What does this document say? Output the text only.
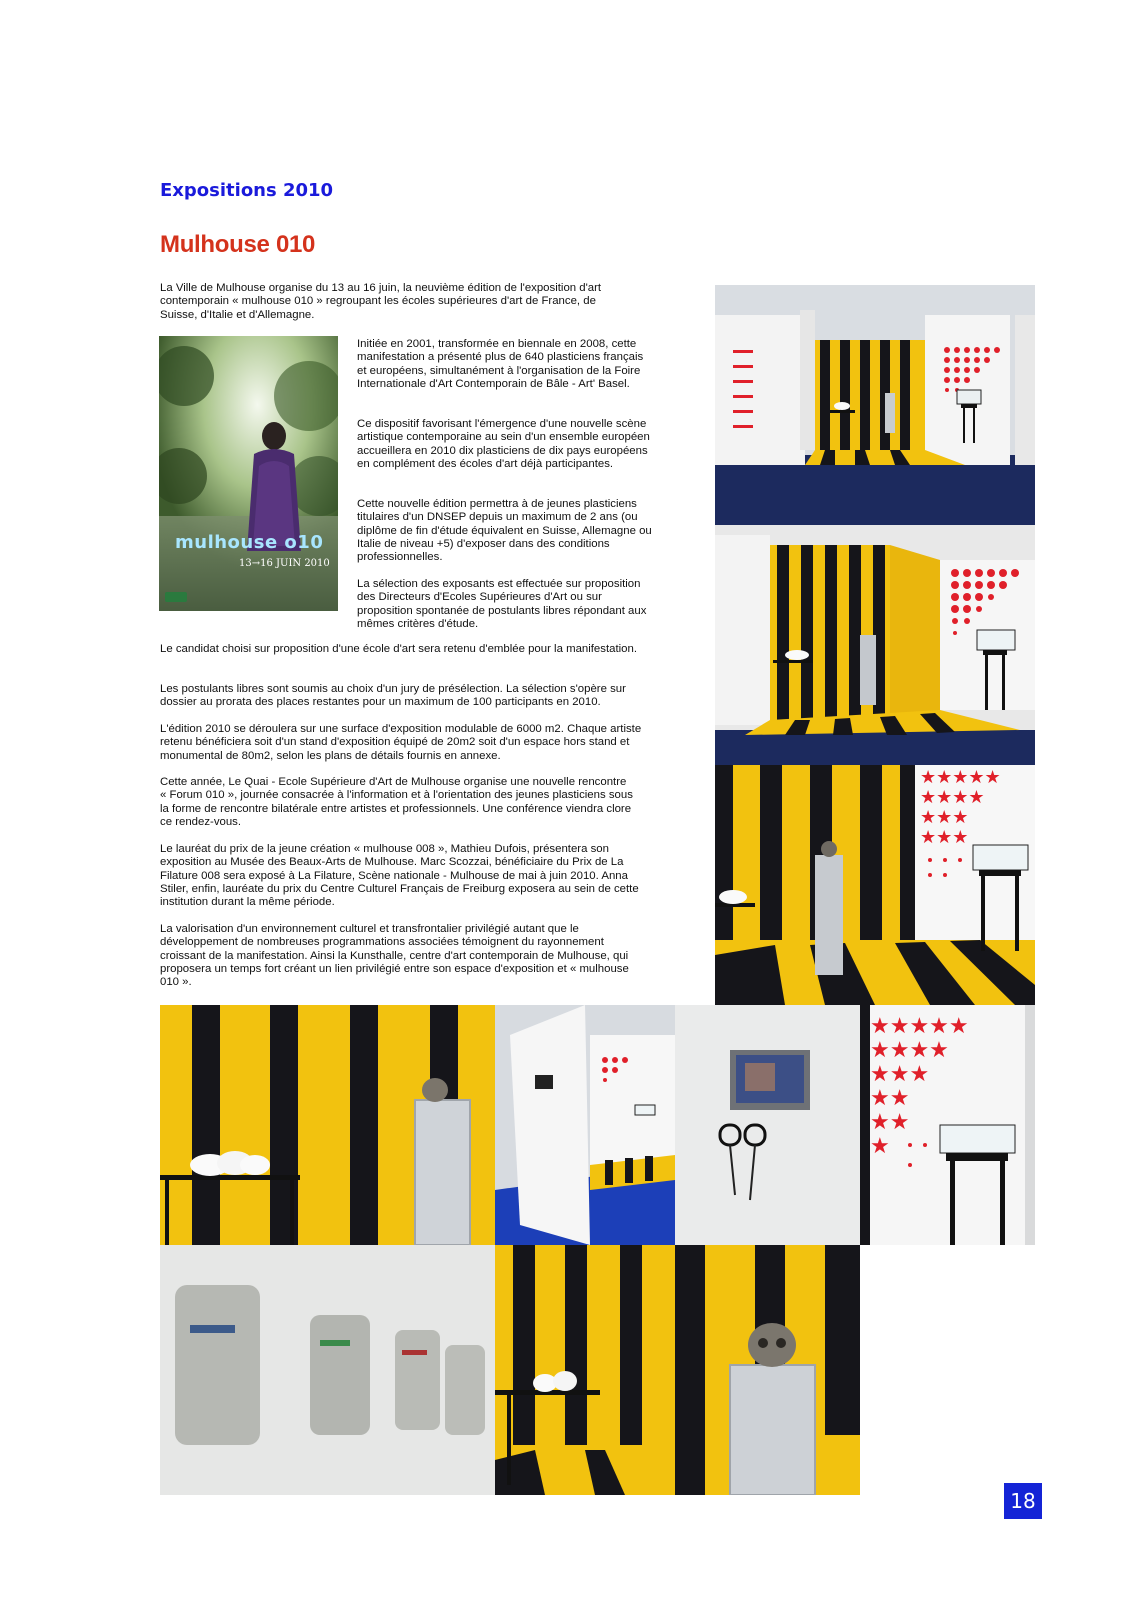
Expositions 2010
Mulhouse 010

La Ville de Mulhouse organise du 13 au 16 juin, la neuvième édition de l'exposition d'art contemporain « mulhouse 010 » regroupant les écoles supérieures d'art de France, de Suisse, d'Italie et d'Allemagne.

mulhouse o10
13→16 JUIN 2010

Initiée en 2001, transformée en biennale en 2008, cette manifestation a présenté plus de 640 plasticiens français et européens, simultanément à l'organisation de la Foire Internationale d'Art Contemporain de Bâle - Art' Basel.

Ce dispositif favorisant l'émergence d'une nouvelle scène artistique contemporaine au sein d'un ensemble européen accueillera en 2010 dix plasticiens de dix pays européens en complément des écoles d'art déjà participantes.

Cette nouvelle édition permettra à de jeunes plasticiens titulaires d'un DNSEP depuis un maximum de 2 ans (ou diplôme de fin d'étude équivalent en Suisse, Allemagne ou Italie de niveau +5) d'exposer dans des conditions professionnelles.

La sélection des exposants est effectuée sur proposition des Directeurs d'Ecoles Supérieures d'Art ou sur proposition spontanée de postulants libres répondant aux mêmes critères d'étude.

Le candidat choisi sur proposition d'une école d'art sera retenu d'emblée pour la manifestation.

Les postulants libres sont soumis au choix d'un jury de présélection. La sélection s'opère sur dossier au prorata des places restantes pour un maximum de 100 participants en 2010.

L'édition 2010 se déroulera sur une surface d'exposition modulable de 6000 m2. Chaque artiste retenu bénéficiera soit d'un stand d'exposition équipé de 20m2 soit d'un espace hors stand et monumental de 80m2, selon les plans de détails fournis en annexe.

Cette année, Le Quai - Ecole Supérieure d'Art de Mulhouse organise une nouvelle rencontre « Forum 010 », journée consacrée à l'information et à l'orientation des jeunes plasticiens sous la forme de rencontre bilatérale entre artistes et professionnels. Une conférence viendra clore ce rendez-vous.

Le lauréat du prix de la jeune création « mulhouse 008 », Mathieu Dufois, présentera son exposition au Musée des Beaux-Arts de Mulhouse. Marc Scozzai, bénéficiaire du Prix de La Filature 008 sera exposé à La Filature, Scène nationale - Mulhouse de mai à juin 2010. Anna Stiler, enfin, lauréate du prix du Centre Culturel Français de Freiburg exposera au sein de cette institution durant la même période.

La valorisation d'un environnement culturel et transfrontalier privilégié autant que le développement de nombreuses programmations associées témoignent du rayonnement croissant de la manifestation. Ainsi la Kunsthalle, centre d'art contemporain de Mulhouse, qui proposera un temps fort créant un lien privilégié entre son espace d'exposition et « mulhouse 010 ».

★★★★★
★★★★
★★★
★★★
★★★★★
★★★★
★★★
★★
★★
★
18
